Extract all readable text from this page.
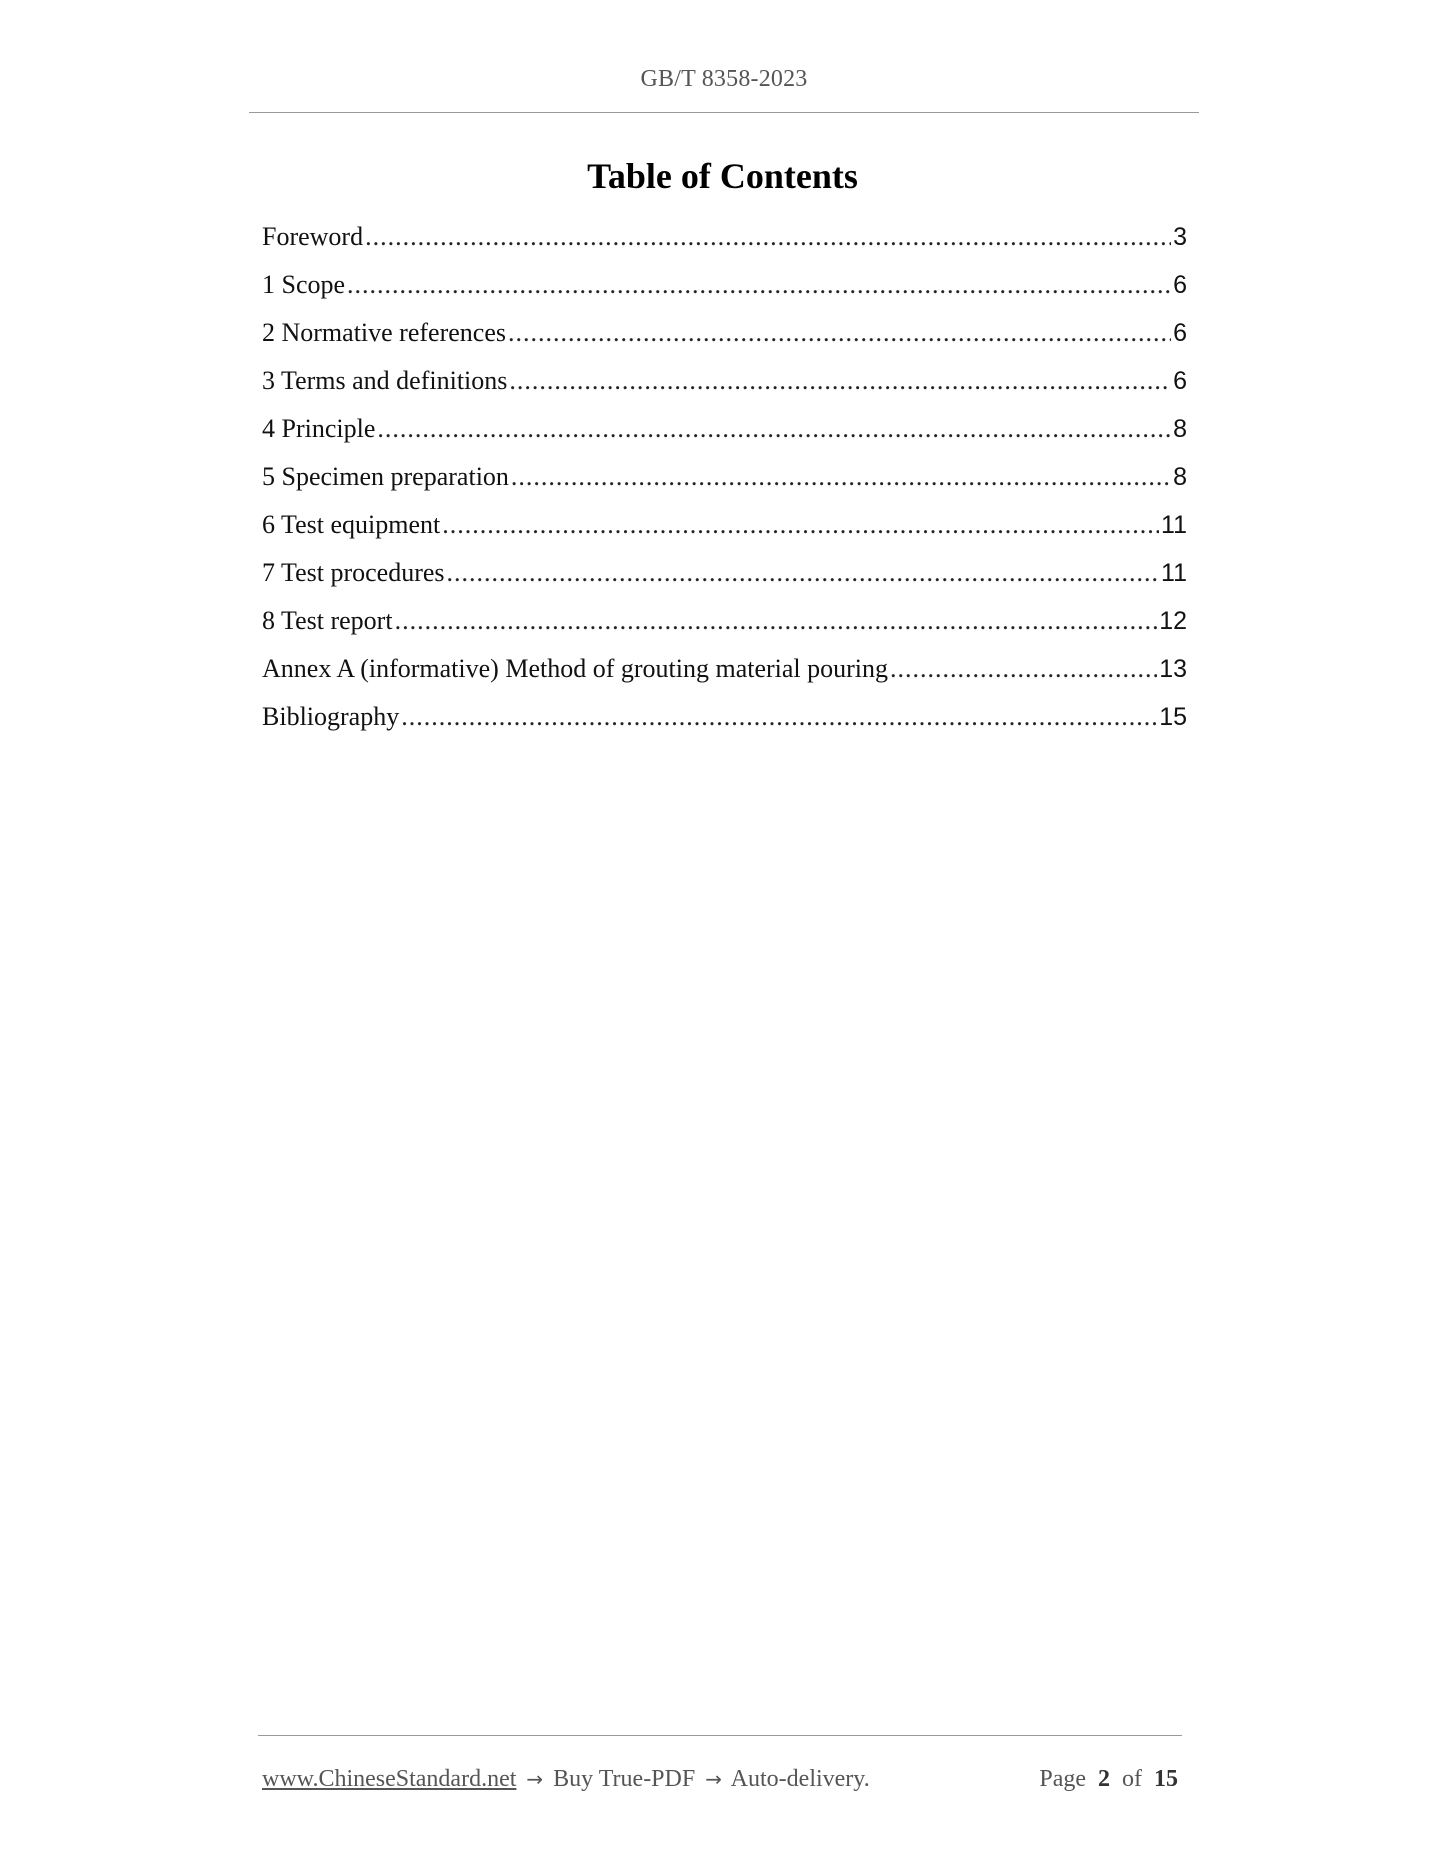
GB/T 8358-2023
Table of Contents
Foreword .....	3
1 Scope .....	6
2 Normative references .....	6
3 Terms and definitions .....	6
4 Principle .....	8
5 Specimen preparation .....	8
6 Test equipment .....	11
7 Test procedures .....	11
8 Test report .....	12
Annex A (informative) Method of grouting material pouring .....	13
Bibliography .....	15
www.ChineseStandard.net → Buy True-PDF → Auto-delivery.	Page 2 of 15
